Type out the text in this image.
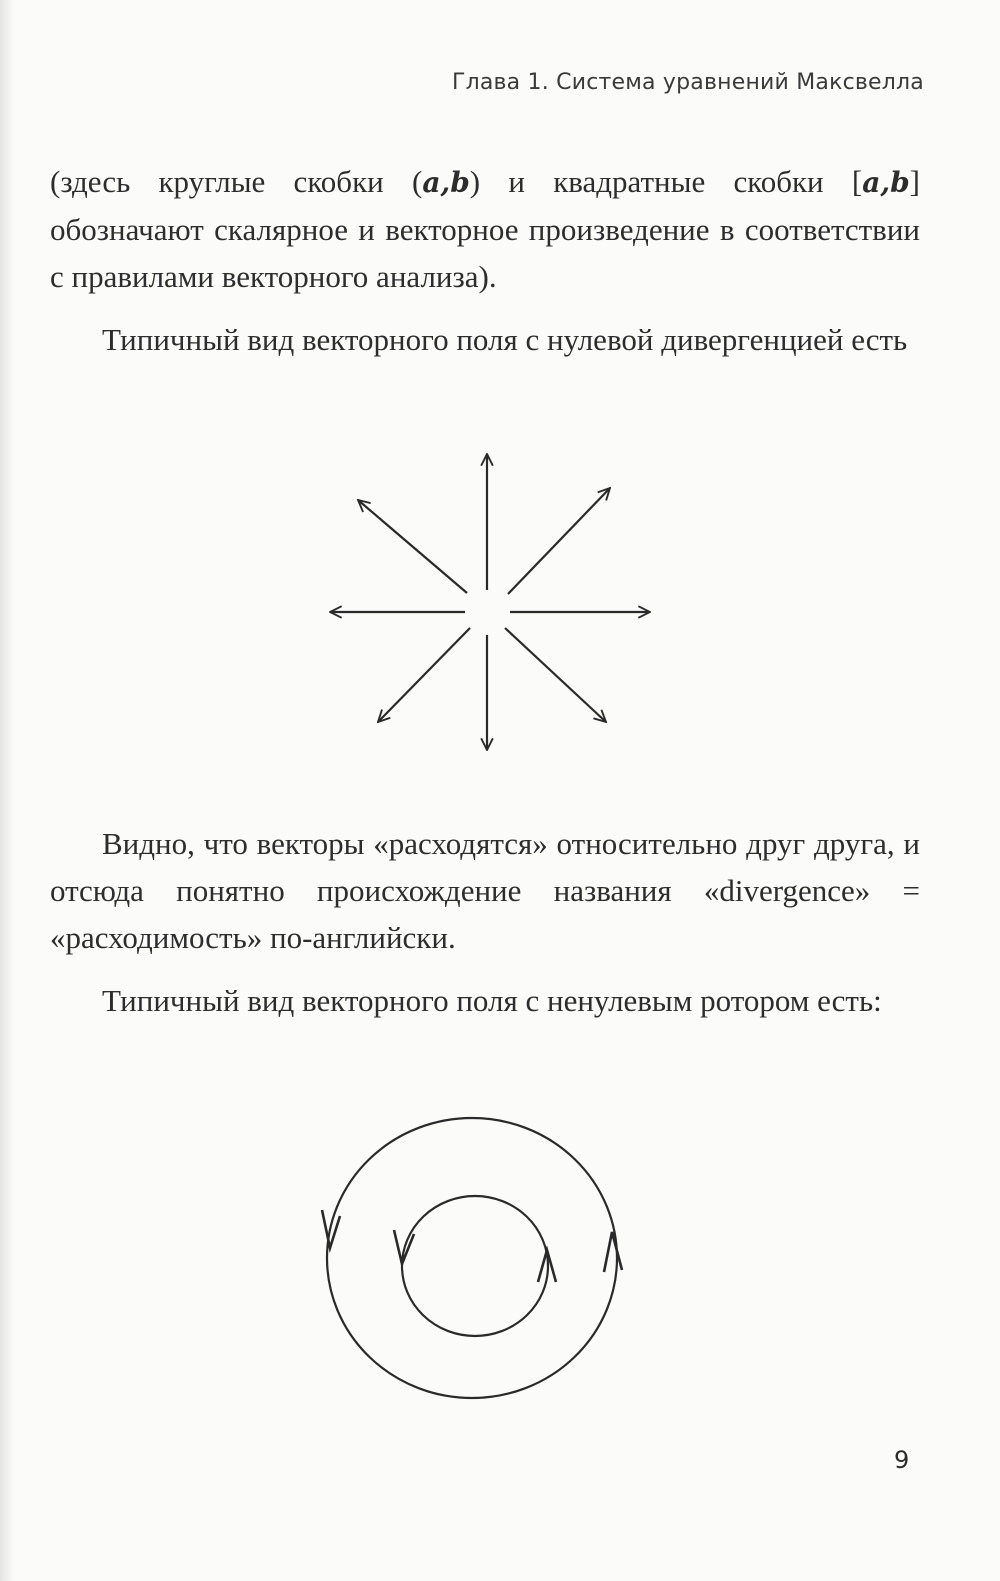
Глава 1. Система уравнений Максвелла

(здесь круглые скобки (a,b) и квадратные скобки [a,b] обозначают скалярное и векторное произведение в соответствии с правилами векторного анализа).

Типичный вид векторного поля с нулевой дивергенцией есть

Видно, что векторы «расходятся» относительно друг друга, и отсюда понятно происхождение названия «divergence» = «расходимость» по-английски.

Типичный вид векторного поля с ненулевым ротором есть:

9
